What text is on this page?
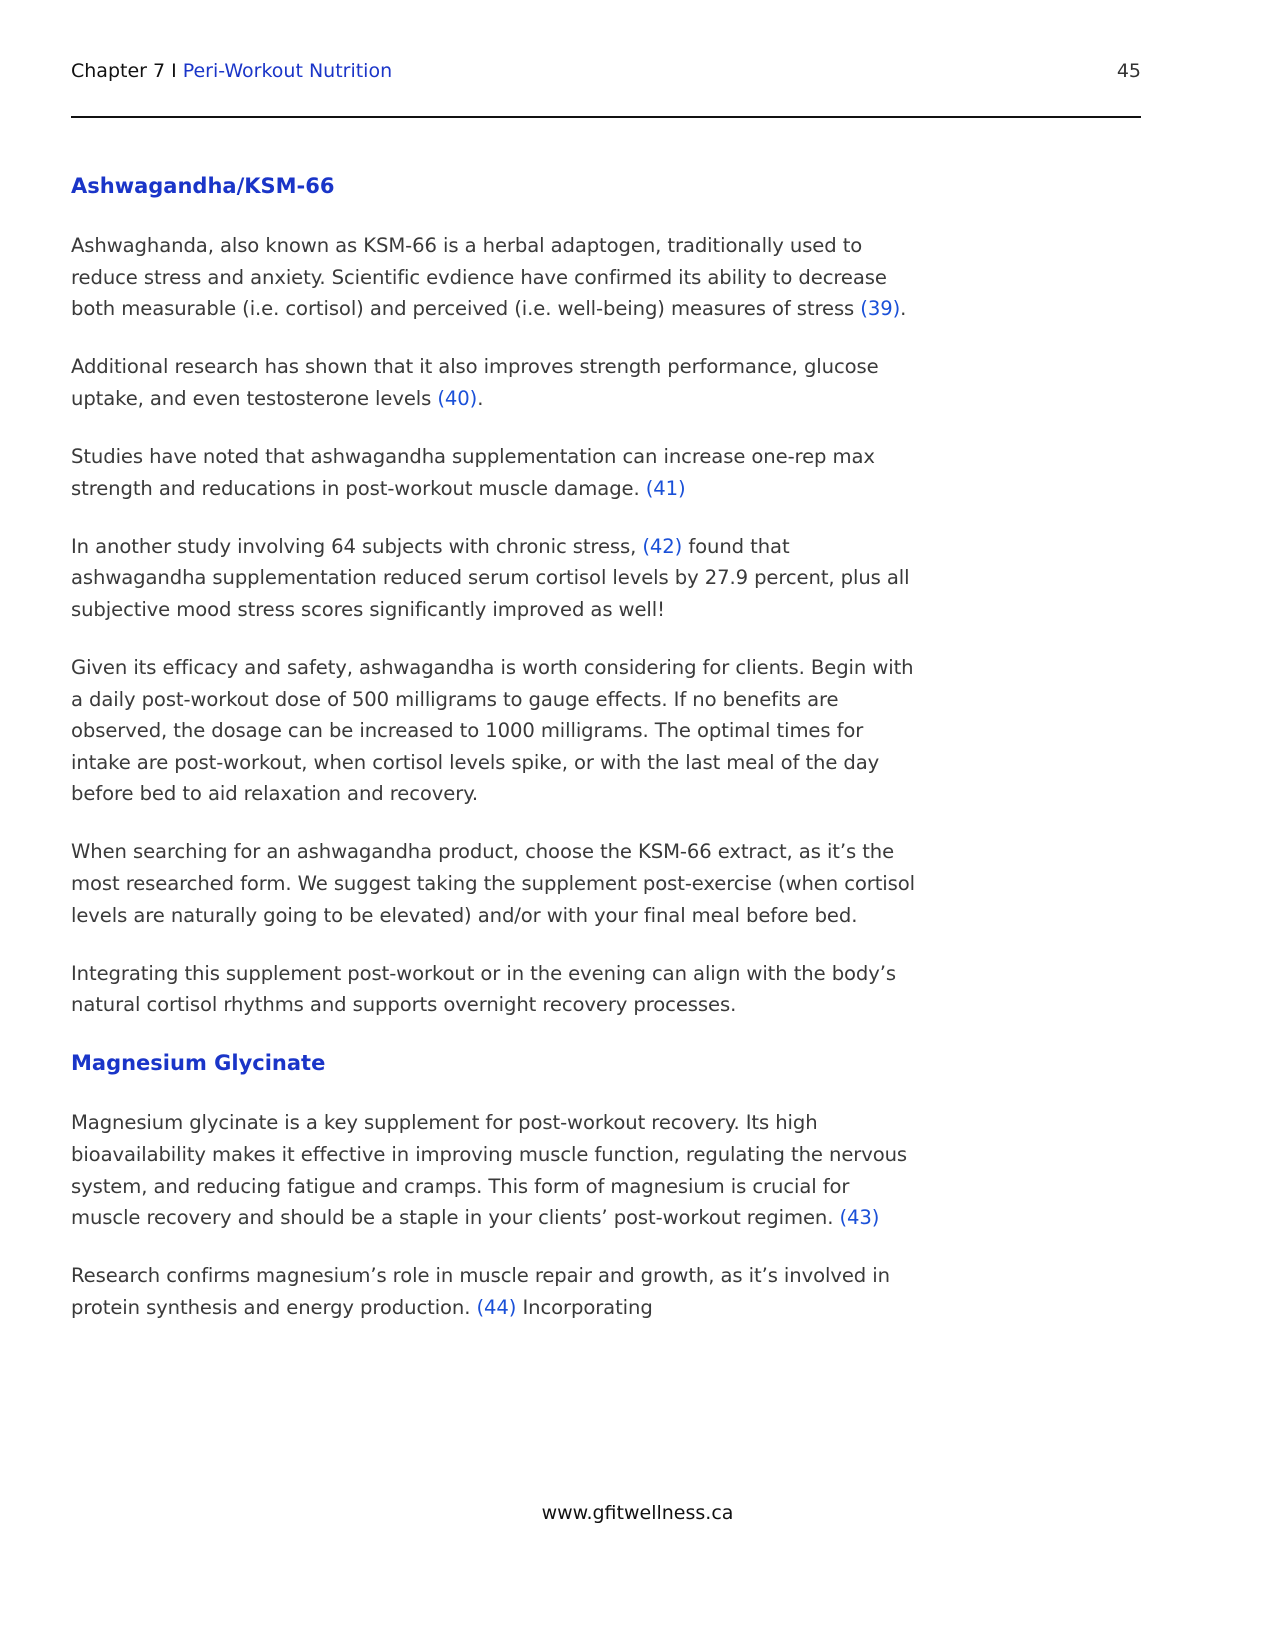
Chapter 7 I Peri-Workout Nutrition	45
Ashwagandha/KSM-66

Ashwaghanda, also known as KSM-66 is a herbal adaptogen, traditionally used to reduce stress and anxiety. Scientific evdience have confirmed its ability to decrease both measurable (i.e. cortisol) and perceived (i.e. well-being) measures of stress (39).

Additional research has shown that it also improves strength performance, glucose uptake, and even testosterone levels (40).

Studies have noted that ashwagandha supplementation can increase one-rep max strength and reducations in post-workout muscle damage. (41)

In another study involving 64 subjects with chronic stress, (42) found that ashwagandha supplementation reduced serum cortisol levels by 27.9 percent, plus all subjective mood stress scores significantly improved as well!

Given its efficacy and safety, ashwagandha is worth considering for clients. Begin with a daily post-workout dose of 500 milligrams to gauge effects. If no benefits are observed, the dosage can be increased to 1000 milligrams. The optimal times for intake are post-workout, when cortisol levels spike, or with the last meal of the day before bed to aid relaxation and recovery.

When searching for an ashwagandha product, choose the KSM-66 extract, as it’s the most researched form. We suggest taking the supplement post-exercise (when cortisol levels are naturally going to be elevated) and/or with your final meal before bed.

Integrating this supplement post-workout or in the evening can align with the body’s natural cortisol rhythms and supports overnight recovery processes.

Magnesium Glycinate

Magnesium glycinate is a key supplement for post-workout recovery. Its high bioavailability makes it effective in improving muscle function, regulating the nervous system, and reducing fatigue and cramps. This form of magnesium is crucial for muscle recovery and should be a staple in your clients’ post-workout regimen. (43)

Research confirms magnesium’s role in muscle repair and growth, as it’s involved in protein synthesis and energy production. (44) Incorporating

www.gfitwellness.ca
